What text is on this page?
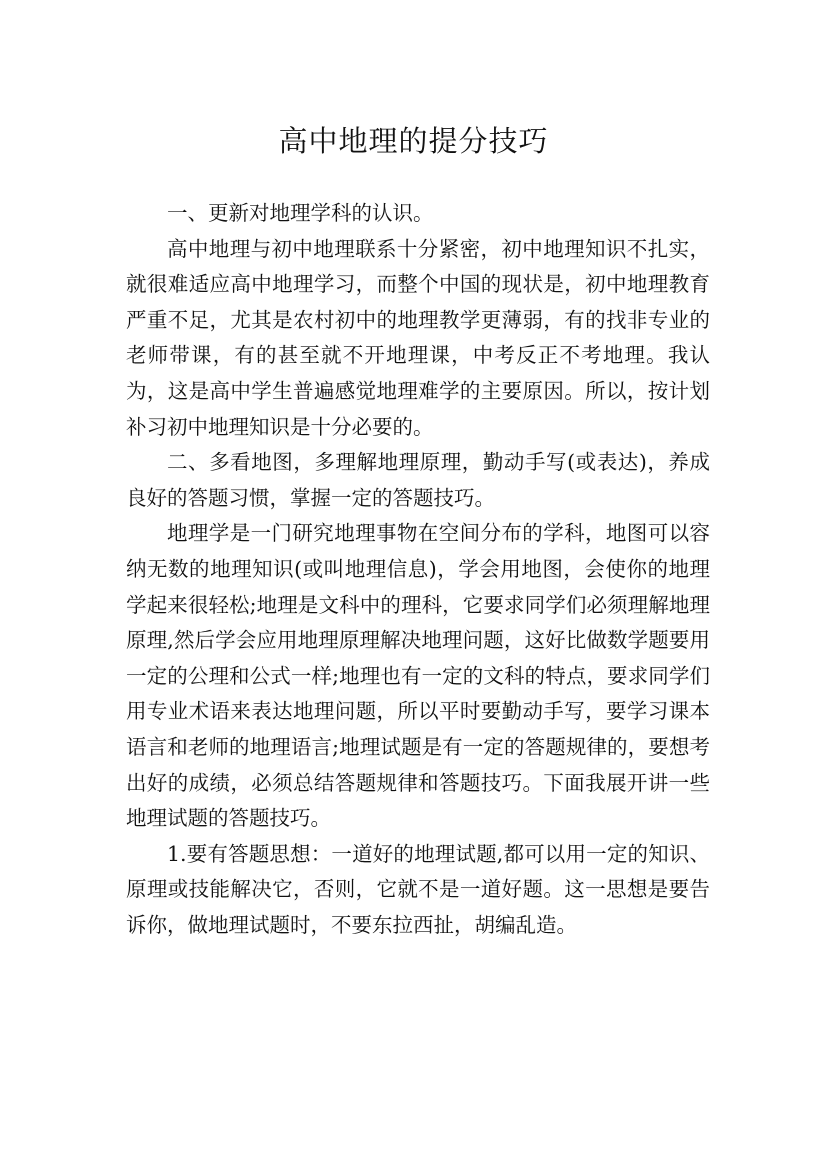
高中地理的提分技巧

一、更新对地理学科的认识。

高中地理与初中地理联系十分紧密，初中地理知识不扎实，就很难适应高中地理学习，而整个中国的现状是，初中地理教育严重不足，尤其是农村初中的地理教学更薄弱，有的找非专业的老师带课，有的甚至就不开地理课，中考反正不考地理。我认为，这是高中学生普遍感觉地理难学的主要原因。所以，按计划补习初中地理知识是十分必要的。

二、多看地图，多理解地理原理，勤动手写(或表达)，养成良好的答题习惯，掌握一定的答题技巧。

地理学是一门研究地理事物在空间分布的学科，地图可以容纳无数的地理知识(或叫地理信息)，学会用地图，会使你的地理学起来很轻松;地理是文科中的理科，它要求同学们必须理解地理原理,然后学会应用地理原理解决地理问题，这好比做数学题要用一定的公理和公式一样;地理也有一定的文科的特点，要求同学们用专业术语来表达地理问题，所以平时要勤动手写，要学习课本语言和老师的地理语言;地理试题是有一定的答题规律的，要想考出好的成绩，必须总结答题规律和答题技巧。下面我展开讲一些地理试题的答题技巧。

1.要有答题思想：一道好的地理试题,都可以用一定的知识、原理或技能解决它，否则，它就不是一道好题。这一思想是要告诉你，做地理试题时，不要东拉西扯，胡编乱造。
